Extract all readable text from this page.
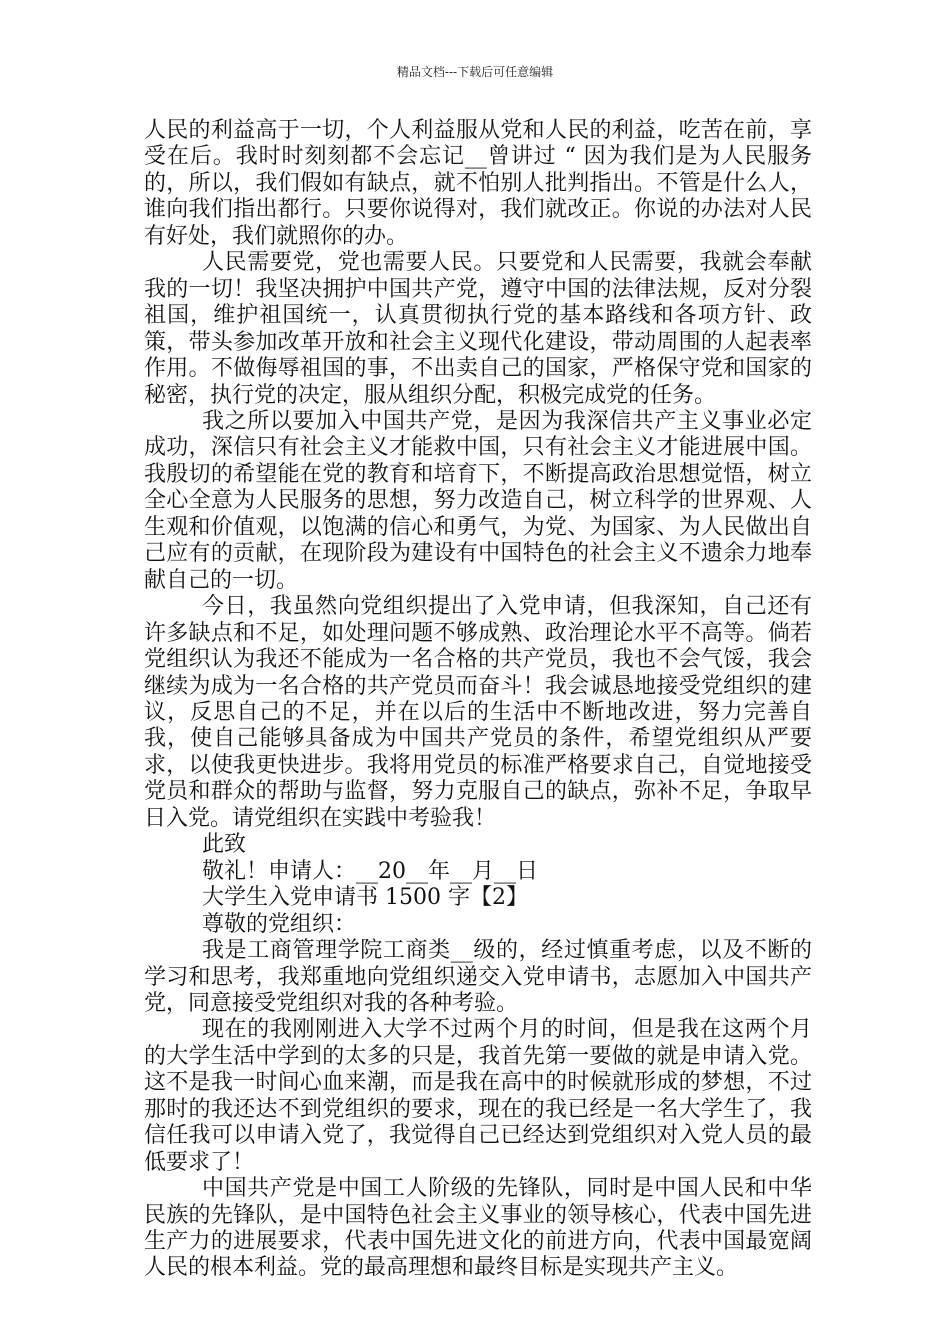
精品文档---下载后可任意编辑

人民的利益高于一切，个人利益服从党和人民的利益，吃苦在前，享受在后。我时时刻刻都不会忘记__曾讲过 “ 因为我们是为人民服务的，所以，我们假如有缺点，就不怕别人批判指出。不管是什么人，谁向我们指出都行。只要你说得对，我们就改正。你说的办法对人民有好处，我们就照你的办。

人民需要党，党也需要人民。只要党和人民需要，我就会奉献我的一切！我坚决拥护中国共产党，遵守中国的法律法规，反对分裂祖国，维护祖国统一，认真贯彻执行党的基本路线和各项方针、政策，带头参加改革开放和社会主义现代化建设，带动周围的人起表率作用。不做侮辱祖国的事，不出卖自己的国家，严格保守党和国家的秘密，执行党的决定，服从组织分配，积极完成党的任务。

我之所以要加入中国共产党，是因为我深信共产主义事业必定成功，深信只有社会主义才能救中国，只有社会主义才能进展中国。我殷切的希望能在党的教育和培育下，不断提高政治思想觉悟，树立全心全意为人民服务的思想，努力改造自己，树立科学的世界观、人生观和价值观，以饱满的信心和勇气，为党、为国家、为人民做出自己应有的贡献，在现阶段为建设有中国特色的社会主义不遗余力地奉献自己的一切。

今日，我虽然向党组织提出了入党申请，但我深知，自己还有许多缺点和不足，如处理问题不够成熟、政治理论水平不高等。倘若党组织认为我还不能成为一名合格的共产党员，我也不会气馁，我会继续为成为一名合格的共产党员而奋斗！我会诚恳地接受党组织的建议，反思自己的不足，并在以后的生活中不断地改进，努力完善自我，使自己能够具备成为中国共产党员的条件，希望党组织从严要求，以使我更快进步。我将用党员的标准严格要求自己，自觉地接受党员和群众的帮助与监督，努力克服自己的缺点，弥补不足，争取早日入党。请党组织在实践中考验我！

此致

敬礼！申请人：__20__年__月__日

大学生入党申请书 1500 字【2】

尊敬的党组织：

我是工商管理学院工商类__级的，经过慎重考虑，以及不断的学习和思考，我郑重地向党组织递交入党申请书，志愿加入中国共产党，同意接受党组织对我的各种考验。

现在的我刚刚进入大学不过两个月的时间，但是我在这两个月的大学生活中学到的太多的只是，我首先第一要做的就是申请入党。这不是我一时间心血来潮，而是我在高中的时候就形成的梦想，不过那时的我还达不到党组织的要求，现在的我已经是一名大学生了，我信任我可以申请入党了，我觉得自己已经达到党组织对入党人员的最低要求了！

中国共产党是中国工人阶级的先锋队，同时是中国人民和中华民族的先锋队，是中国特色社会主义事业的领导核心，代表中国先进生产力的进展要求，代表中国先进文化的前进方向，代表中国最宽阔人民的根本利益。党的最高理想和最终目标是实现共产主义。
